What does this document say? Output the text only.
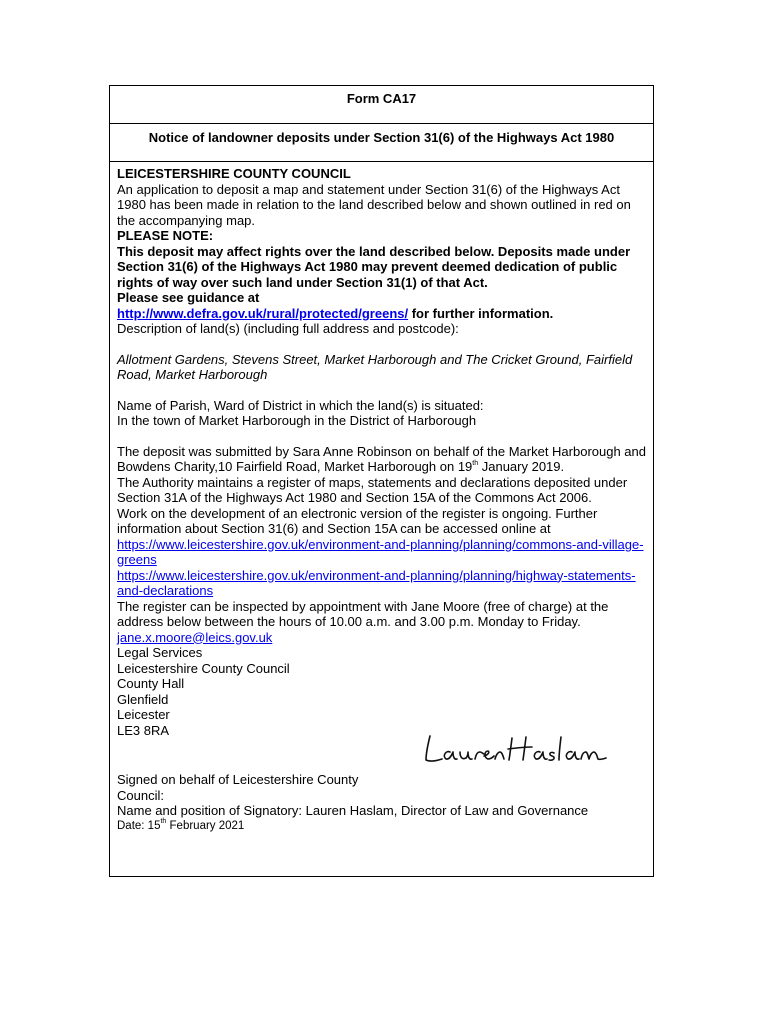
Form CA17
Notice of landowner deposits under Section 31(6) of the Highways Act 1980

LEICESTERSHIRE COUNTY COUNCIL

An application to deposit a map and statement under Section 31(6) of the Highways Act 1980 has been made in relation to the land described below and shown outlined in red on the accompanying map.

PLEASE NOTE:

This deposit may affect rights over the land described below. Deposits made under Section 31(6) of the Highways Act 1980 may prevent deemed dedication of public rights of way over such land under Section 31(1) of that Act.

Please see guidance at

http://www.defra.gov.uk/rural/protected/greens/ for further information.

Description of land(s) (including full address and postcode):

Allotment Gardens, Stevens Street, Market Harborough and The Cricket Ground, Fairfield Road, Market Harborough

Name of Parish, Ward of District in which the land(s) is situated:

In the town of Market Harborough in the District of Harborough

The deposit was submitted by Sara Anne Robinson on behalf of the Market Harborough and Bowdens Charity,10 Fairfield Road, Market Harborough on 19th January 2019.

The Authority maintains a register of maps, statements and declarations deposited under Section 31A of the Highways Act 1980 and Section 15A of the Commons Act 2006.

Work on the development of an electronic version of the register is ongoing. Further information about Section 31(6) and Section 15A can be accessed online at

https://www.leicestershire.gov.uk/environment-and-planning/planning/commons-and-village-greens

https://www.leicestershire.gov.uk/environment-and-planning/planning/highway-statements-and-declarations

The register can be inspected by appointment with Jane Moore (free of charge) at the address below between the hours of 10.00 a.m. and 3.00 p.m. Monday to Friday.

jane.x.moore@leics.gov.uk

Legal Services

Leicestershire County Council

County Hall

Glenfield

Leicester

LE3 8RA

Signed on behalf of Leicestershire County Council:

Name and position of Signatory: Lauren Haslam, Director of Law and Governance

Date: 15th February 2021
